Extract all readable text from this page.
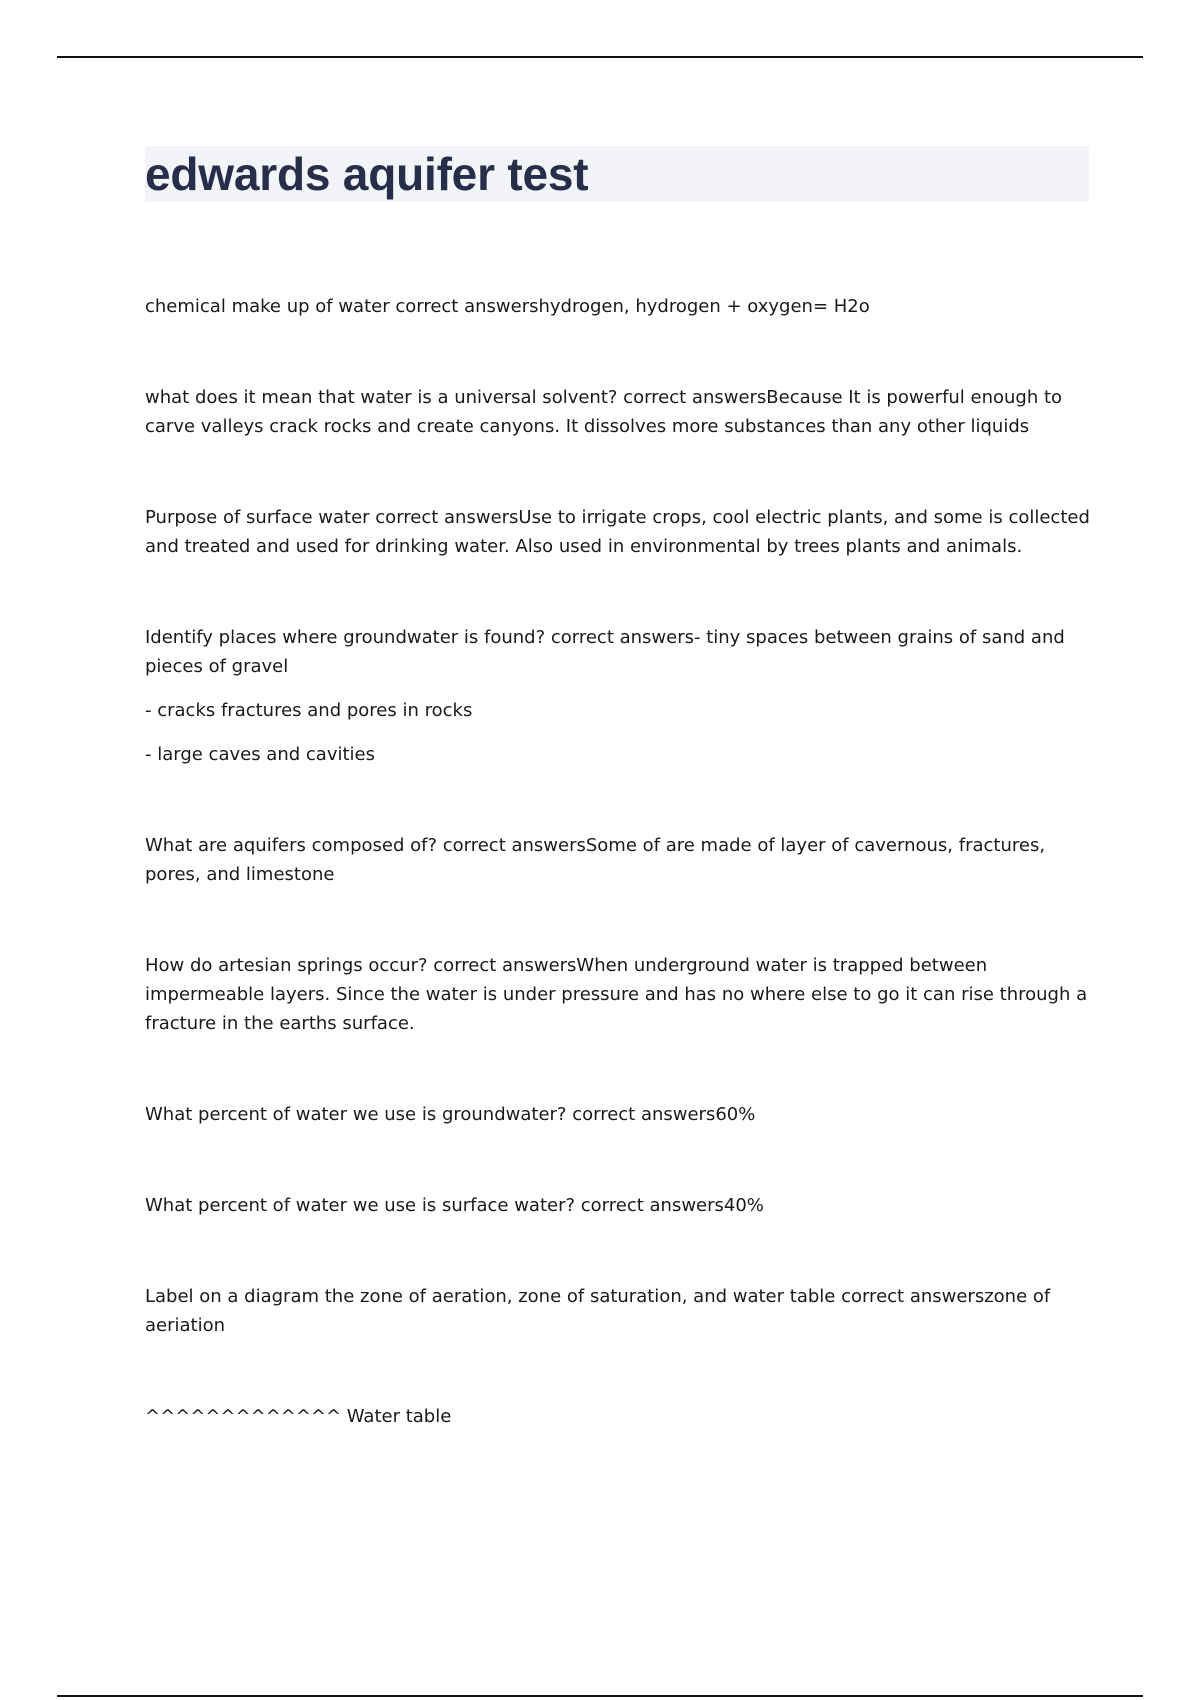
edwards aquifer test

chemical make up of water correct answershydrogen, hydrogen + oxygen= H2o

what does it mean that water is a universal solvent? correct answersBecause It is powerful enough to carve valleys crack rocks and create canyons. It dissolves more substances than any other liquids

Purpose of surface water correct answersUse to irrigate crops, cool electric plants, and some is collected and treated and used for drinking water. Also used in environmental by trees plants and animals.

Identify places where groundwater is found? correct answers- tiny spaces between grains of sand and pieces of gravel

- cracks fractures and pores in rocks

- large caves and cavities

What are aquifers composed of? correct answersSome of are made of layer of cavernous, fractures, pores, and limestone

How do artesian springs occur? correct answersWhen underground water is trapped between impermeable layers. Since the water is under pressure and has no where else to go it can rise through a fracture in the earths surface.

What percent of water we use is groundwater? correct answers60%

What percent of water we use is surface water? correct answers40%

Label on a diagram the zone of aeration, zone of saturation, and water table correct answerszone of aeriation

^^^^^^^^^^^^^ Water table
